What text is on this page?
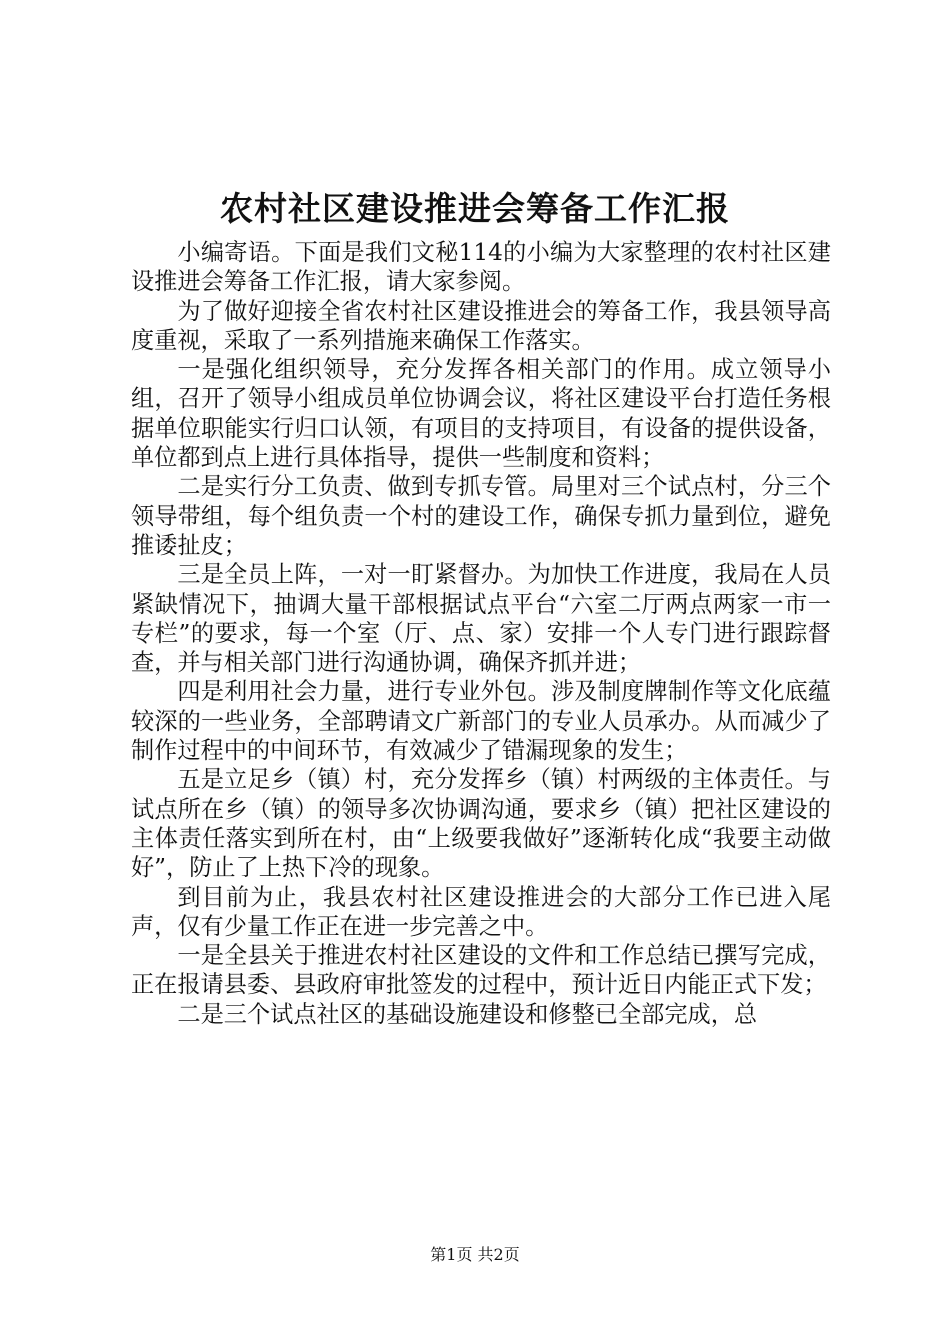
农村社区建设推进会筹备工作汇报

小编寄语。下面是我们文秘114的小编为大家整理的农村社区建设推进会筹备工作汇报，请大家参阅。

为了做好迎接全省农村社区建设推进会的筹备工作，我县领导高度重视，采取了一系列措施来确保工作落实。

一是强化组织领导，充分发挥各相关部门的作用。成立领导小组，召开了领导小组成员单位协调会议，将社区建设平台打造任务根据单位职能实行归口认领，有项目的支持项目，有设备的提供设备，单位都到点上进行具体指导，提供一些制度和资料；

二是实行分工负责、做到专抓专管。局里对三个试点村，分三个领导带组，每个组负责一个村的建设工作，确保专抓力量到位，避免推诿扯皮；

三是全员上阵，一对一盯紧督办。为加快工作进度，我局在人员紧缺情况下，抽调大量干部根据试点平台“六室二厅两点两家一市一专栏”的要求，每一个室（厅、点、家）安排一个人专门进行跟踪督查，并与相关部门进行沟通协调，确保齐抓并进；

四是利用社会力量，进行专业外包。涉及制度牌制作等文化底蕴较深的一些业务，全部聘请文广新部门的专业人员承办。从而减少了制作过程中的中间环节，有效减少了错漏现象的发生；

五是立足乡（镇）村，充分发挥乡（镇）村两级的主体责任。与试点所在乡（镇）的领导多次协调沟通，要求乡（镇）把社区建设的主体责任落实到所在村，由“上级要我做好”逐渐转化成“我要主动做好”，防止了上热下冷的现象。

到目前为止，我县农村社区建设推进会的大部分工作已进入尾声，仅有少量工作正在进一步完善之中。

一是全县关于推进农村社区建设的文件和工作总结已撰写完成，正在报请县委、县政府审批签发的过程中，预计近日内能正式下发；

二是三个试点社区的基础设施建设和修整已全部完成，总

第1页 共2页
